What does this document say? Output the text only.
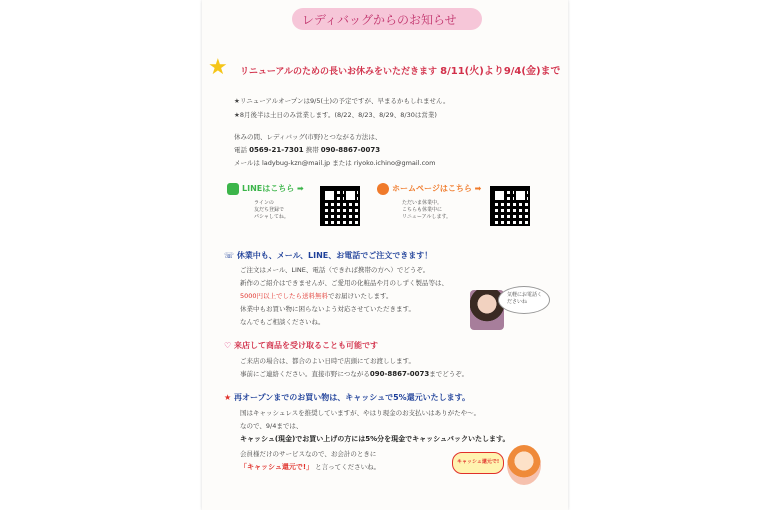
レディバッグからのお知らせ
★ リニューアルのための長いお休みをいただきます 8/11(火)より9/4(金)まで
★リニューアルオープンは9/5(土)の予定ですが、早まるかもしれません。
★8月後半は土日のみ営業します。(8/22、8/23、8/29、8/30は営業)
休みの間、レディバッグ(市野)とつながる方法は、
電話 0569-21-7301 携帯 090-8867-0073
メールは ladybug-kzn@mail.jp または riyoko.ichino@gmail.com
LINEはこちら ➡
ラインの
友だち登録で
パシャしてね。
ホームページはこちら ➡
ただいま休業中。
こちらも休業中に
リニューアルします。
☏ 休業中も、メール、LINE、お電話でご注文できます！
ご注文はメール、LINE、電話（できれば携帯の方へ）でどうぞ。
新作のご紹介はできませんが、ご愛用の化粧品や月のしずく製品等は、
5000円以上でしたら送料無料でお届けいたします。
休業中もお買い物に困らないよう対応させていただきます。
なんでもご相談くださいね。
気軽にお電話くださいね
♡ 来店して商品を受け取ることも可能です
ご来店の場合は、都合のよい日時で店頭にてお渡しします。
事前にご連絡ください。直接市野につながる090-8867-0073までどうぞ。
★ 再オープンまでのお買い物は、キャッシュで5%還元いたします。
国はキャッシュレスを推奨していますが、やはり現金のお支払いはありがたや〜。
なので、9/4までは、
キャッシュ(現金)でお買い上げの方には5%分を現金でキャッシュバックいたします。
会員様だけのサービスなので、お会計のときに
「キャッシュ還元で!」 と言ってくださいね。
キャッシュ還元で!
